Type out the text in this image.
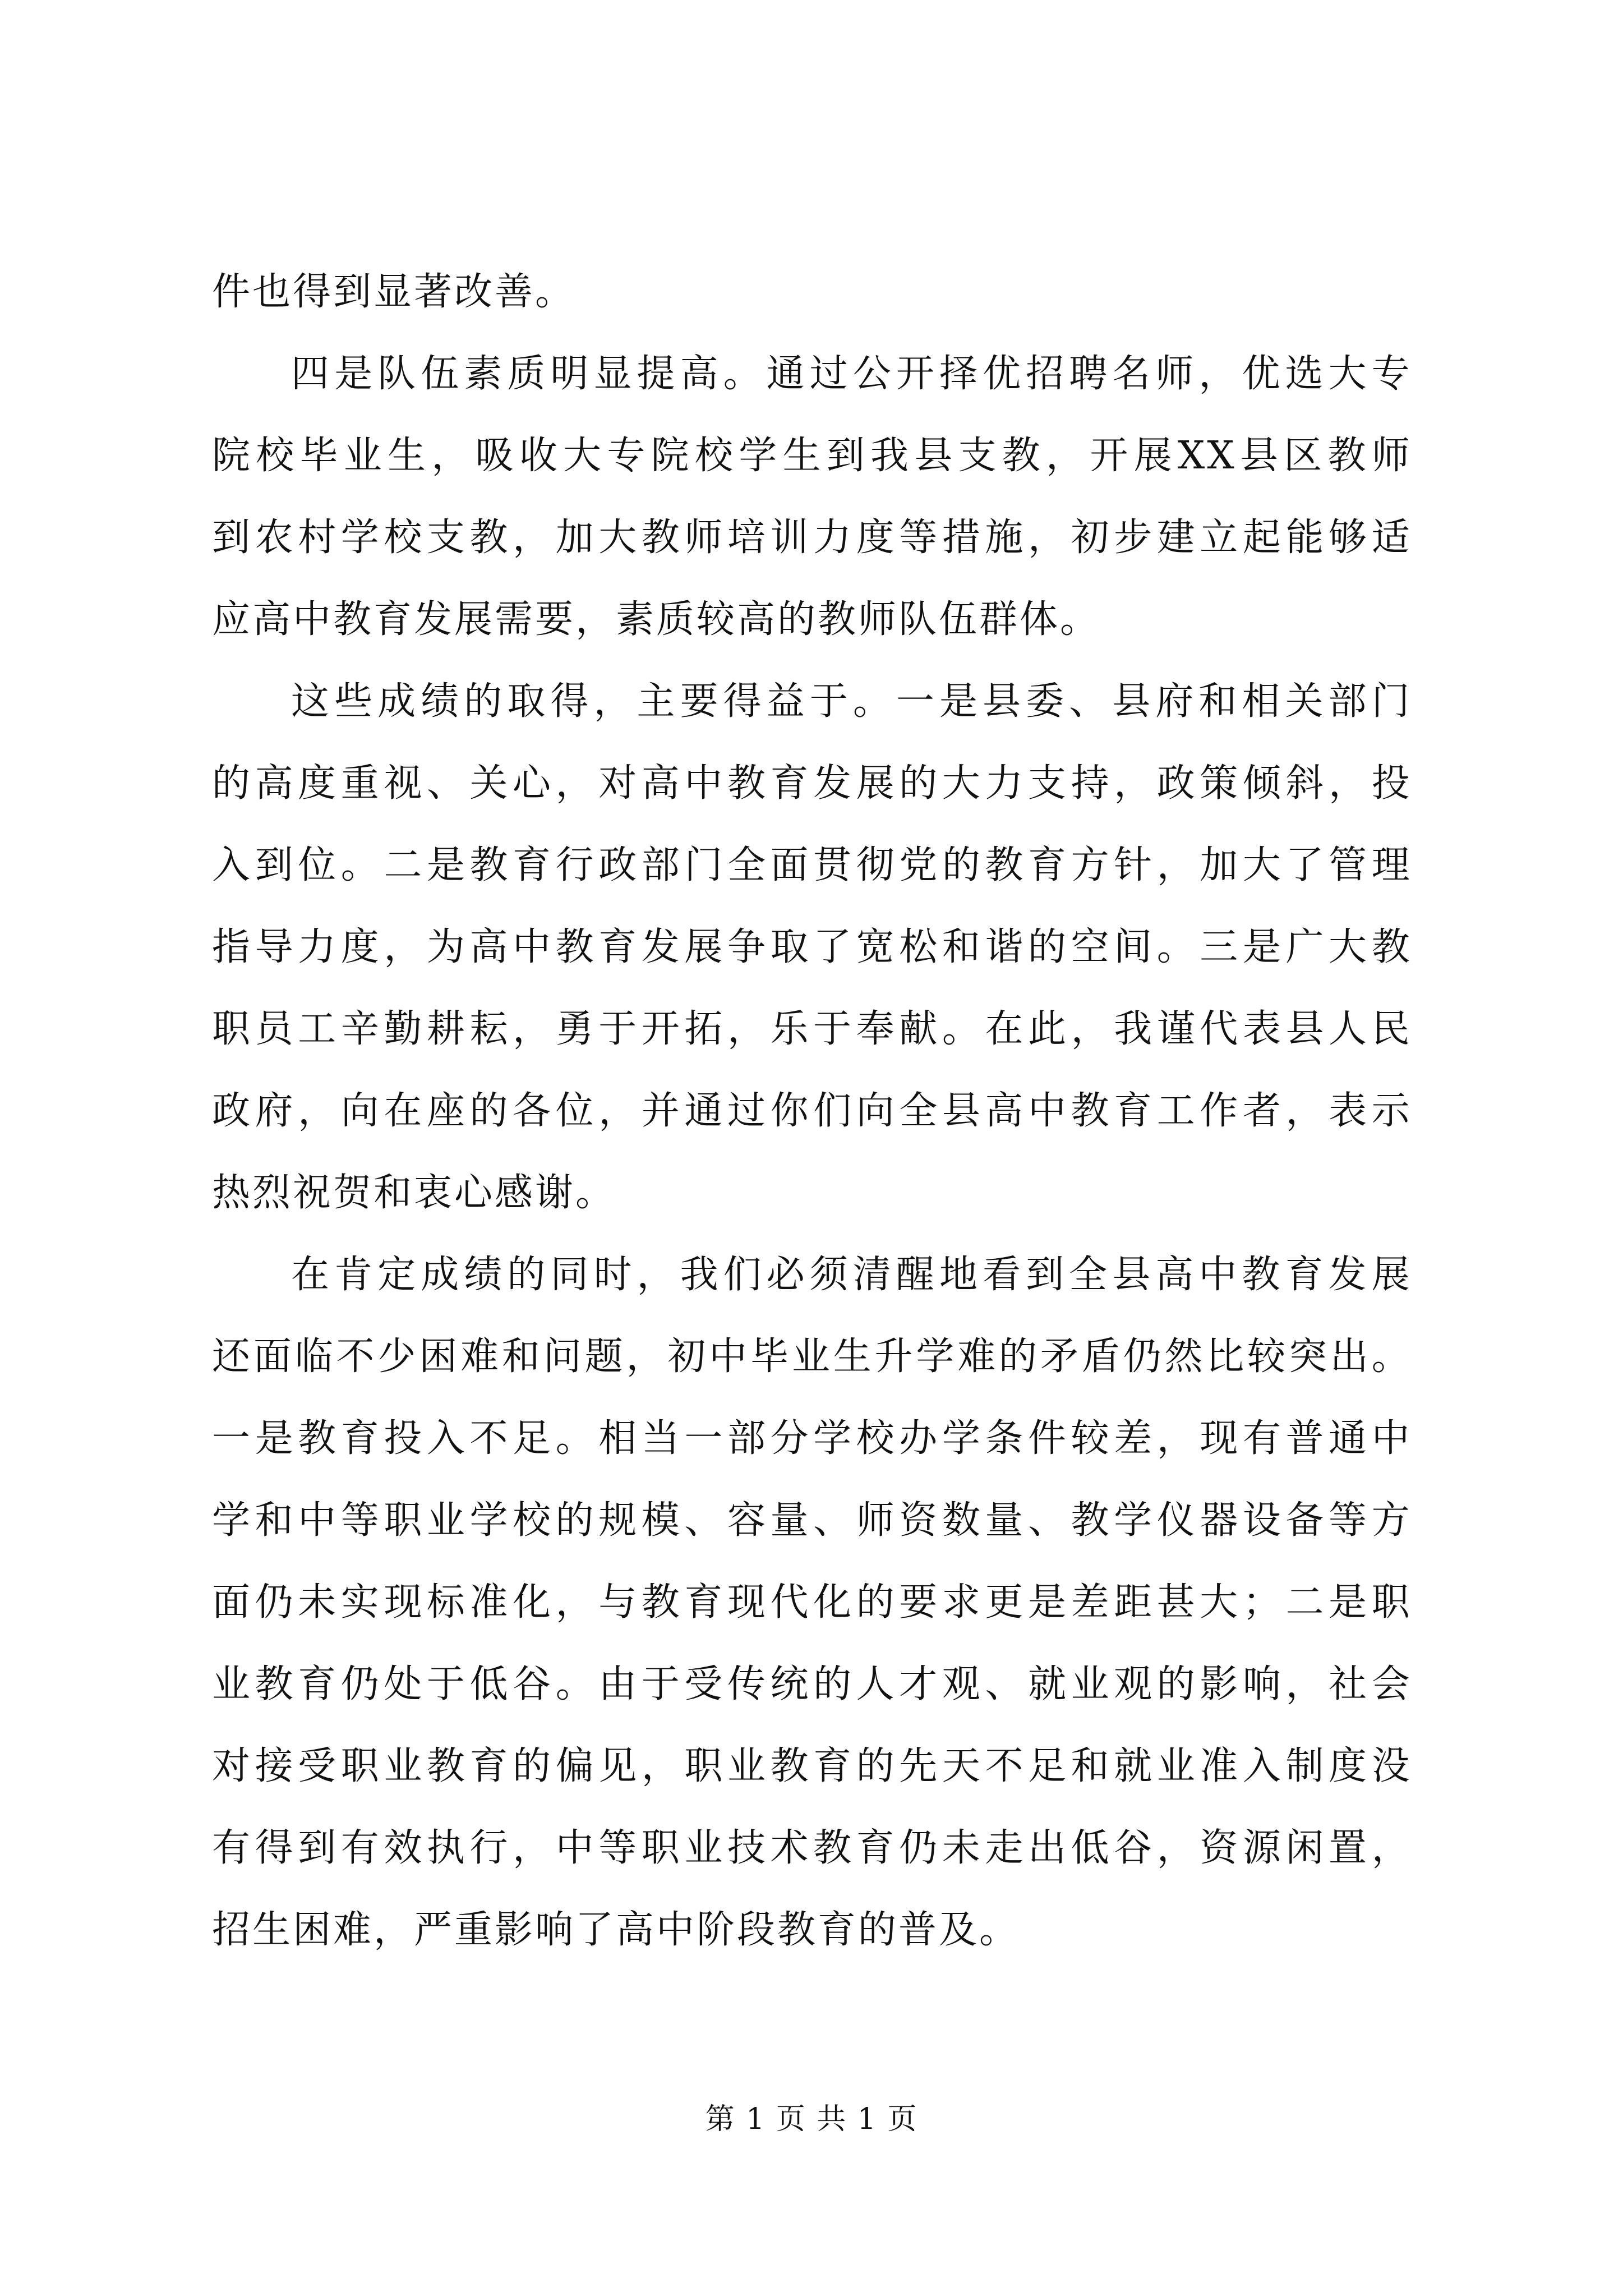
件也得到显著改善。
四 是 队 伍 素 质 明 显 提 高 。 通 过 公 开 择 优 招 聘 名 师 ， 优 选 大 专
院 校 毕 业 生 ， 吸 收 大 专 院 校 学 生 到 我 县 支 教 ， 开 展 XX 县 区 教 师
到 农 村 学 校 支 教 ， 加 大 教 师 培 训 力 度 等 措 施 ， 初 步 建 立 起 能 够 适
应高中教育发展需要，素质较高的教师队伍群体。
这 些 成 绩 的 取 得 ， 主 要 得 益 于 。 一 是 县 委 、 县 府 和 相 关 部 门
的 高 度 重 视 、 关 心 ， 对 高 中 教 育 发 展 的 大 力 支 持 ， 政 策 倾 斜 ， 投
入 到 位 。 二 是 教 育 行 政 部 门 全 面 贯 彻 党 的 教 育 方 针 ， 加 大 了 管 理
指 导 力 度 ， 为 高 中 教 育 发 展 争 取 了 宽 松 和 谐 的 空 间 。 三 是 广 大 教
职 员 工 辛 勤 耕 耘 ， 勇 于 开 拓 ， 乐 于 奉 献 。 在 此 ， 我 谨 代 表 县 人 民
政 府 ， 向 在 座 的 各 位 ， 并 通 过 你 们 向 全 县 高 中 教 育 工 作 者 ， 表 示
热烈祝贺和衷心感谢。
在 肯 定 成 绩 的 同 时 ， 我 们 必 须 清 醒 地 看 到 全 县 高 中 教 育 发 展
还 面 临 不 少 困 难 和 问 题 ， 初 中 毕 业 生 升 学 难 的 矛 盾 仍 然 比 较 突 出 。
一 是 教 育 投 入 不 足 。 相 当 一 部 分 学 校 办 学 条 件 较 差 ， 现 有 普 通 中
学 和 中 等 职 业 学 校 的 规 模 、 容 量 、 师 资 数 量 、 教 学 仪 器 设 备 等 方
面 仍 未 实 现 标 准 化 ， 与 教 育 现 代 化 的 要 求 更 是 差 距 甚 大 ； 二 是 职
业 教 育 仍 处 于 低 谷 。 由 于 受 传 统 的 人 才 观 、 就 业 观 的 影 响 ， 社 会
对 接 受 职 业 教 育 的 偏 见 ， 职 业 教 育 的 先 天 不 足 和 就 业 准 入 制 度 没
有 得 到 有 效 执 行 ， 中 等 职 业 技 术 教 育 仍 未 走 出 低 谷 ， 资 源 闲 置 ，
招生困难，严重影响了高中阶段教育的普及。
第 1 页 共 1 页
